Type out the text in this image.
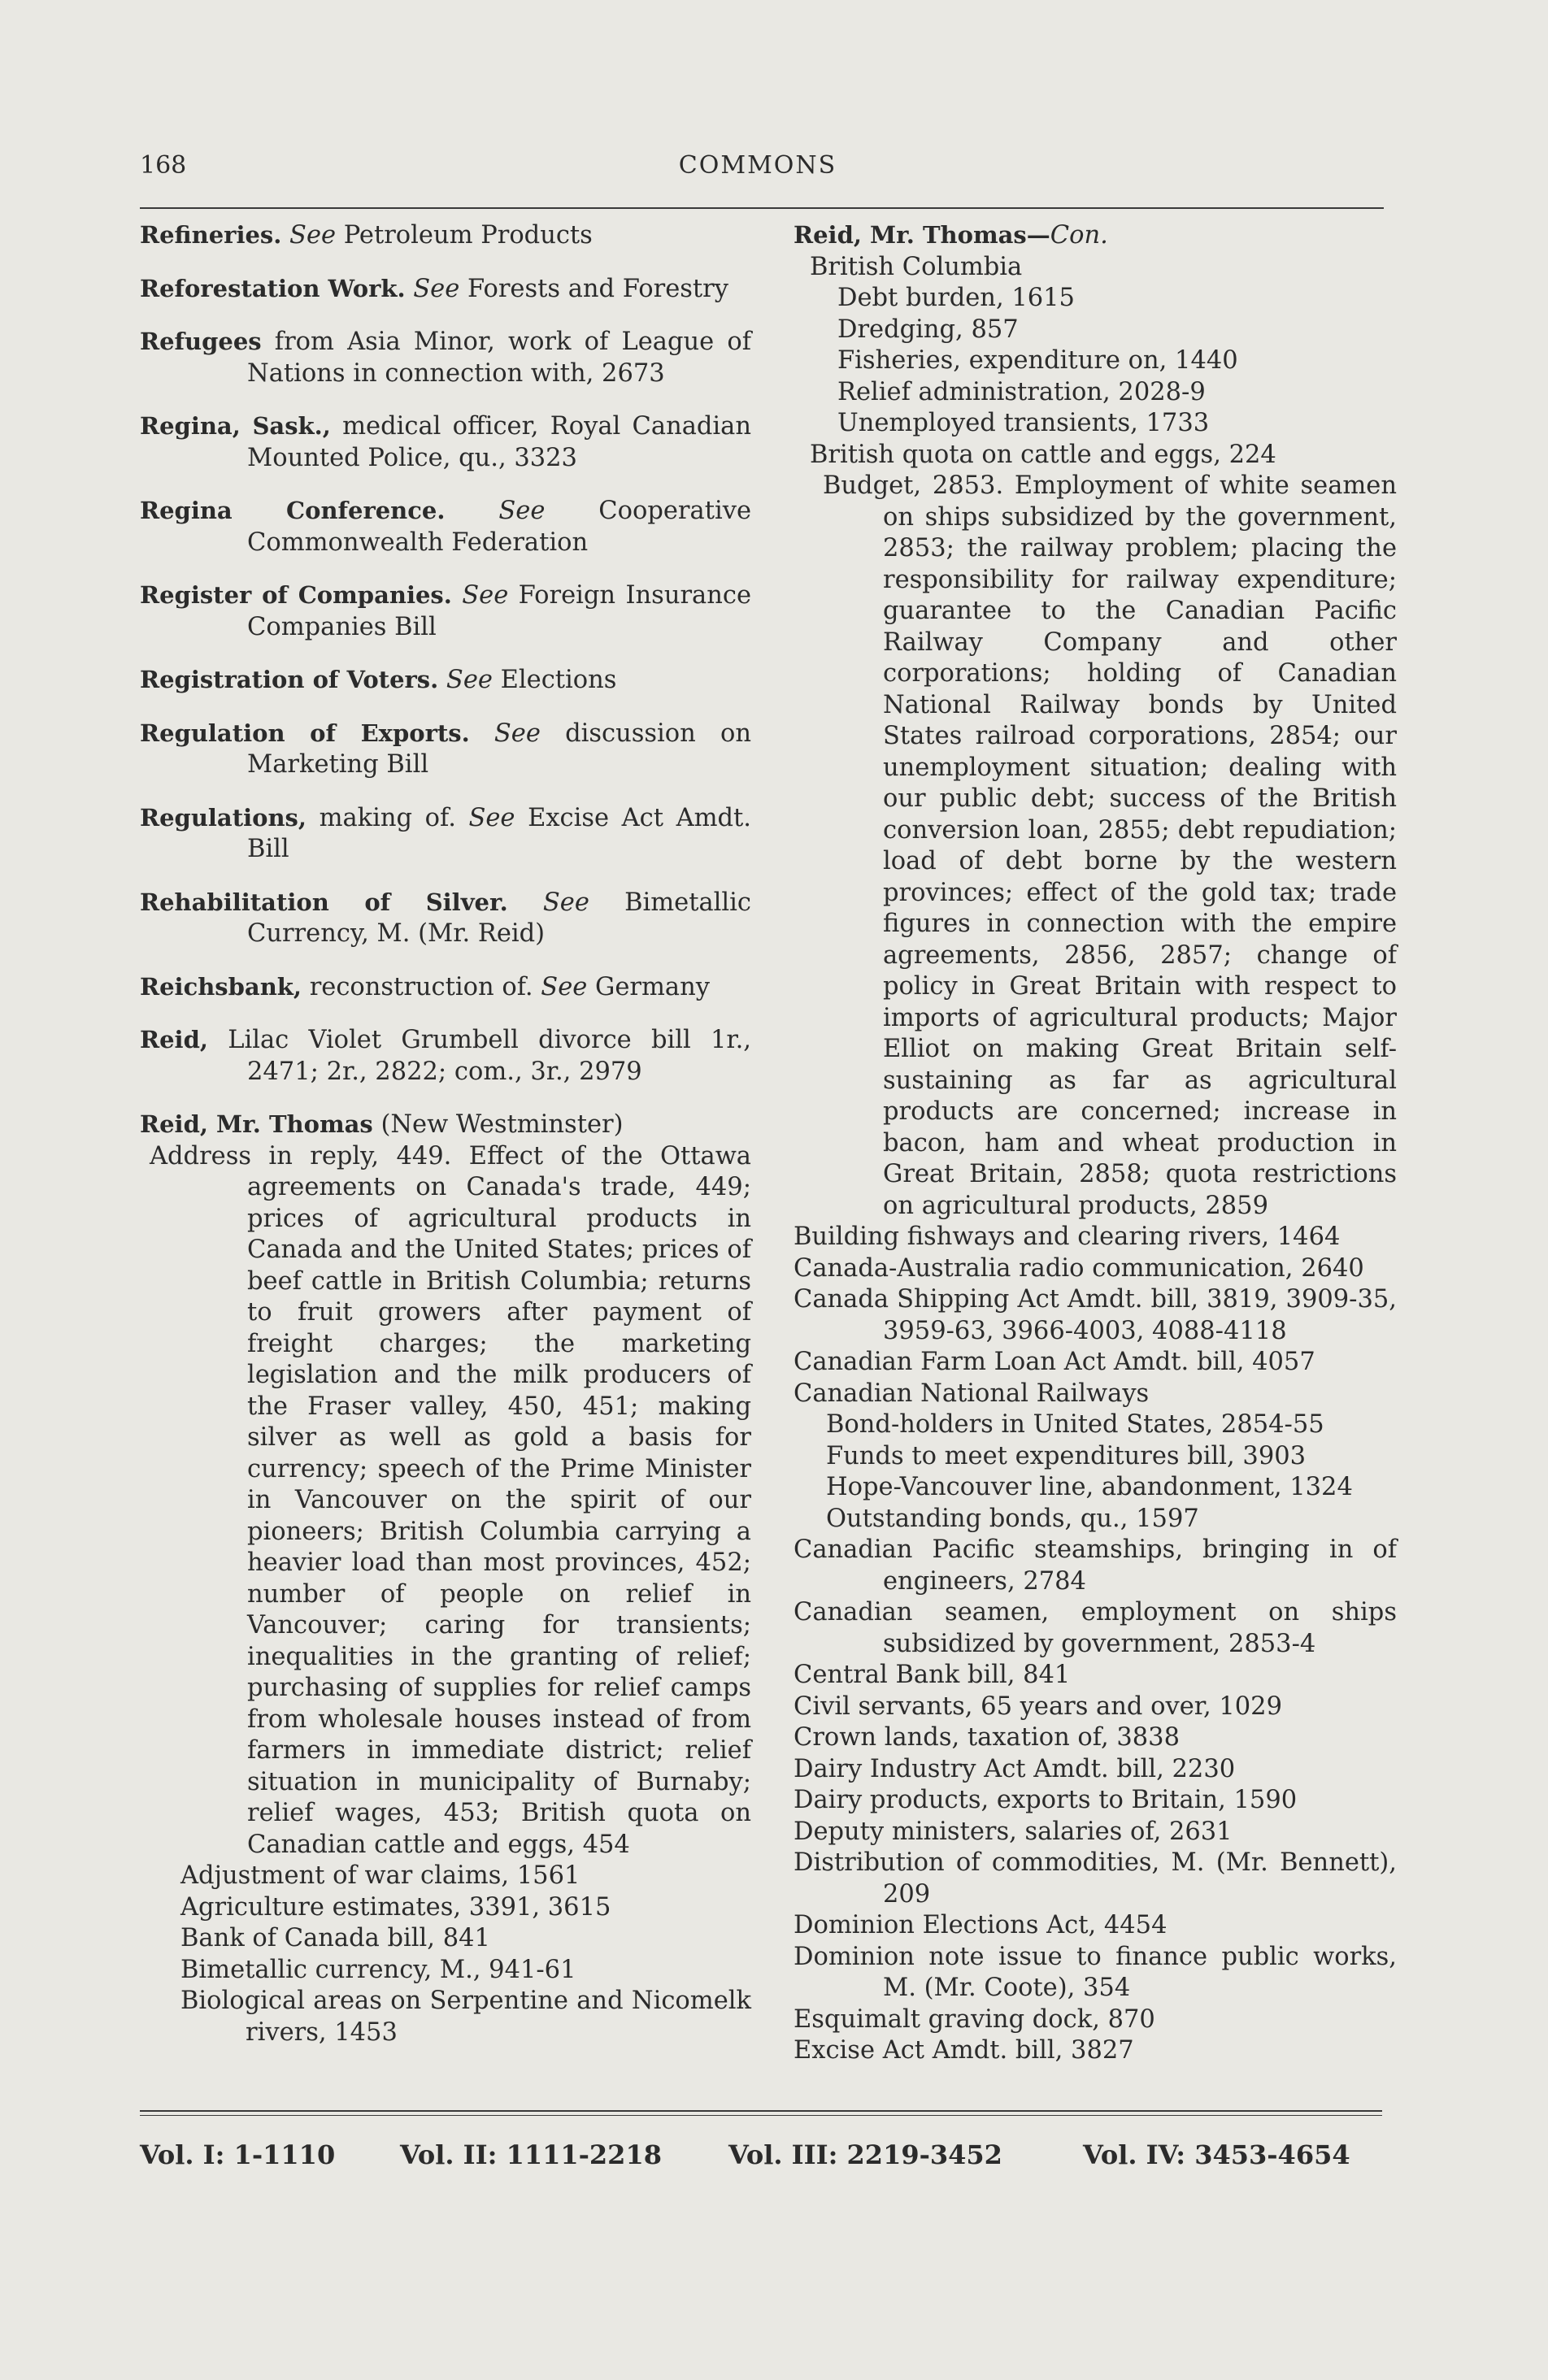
168	COMMONS
Refineries. See Petroleum Products
Reforestation Work. See Forests and Forestry
Refugees from Asia Minor, work of League of Nations in connection with, 2673
Regina, Sask., medical officer, Royal Canadian Mounted Police, qu., 3323
Regina Conference. See Cooperative Commonwealth Federation
Register of Companies. See Foreign Insurance Companies Bill
Registration of Voters. See Elections
Regulation of Exports. See discussion on Marketing Bill
Regulations, making of. See Excise Act Amdt. Bill
Rehabilitation of Silver. See Bimetallic Currency, M. (Mr. Reid)
Reichsbank, reconstruction of. See Germany
Reid, Lilac Violet Grumbell divorce bill 1r., 2471; 2r., 2822; com., 3r., 2979

Reid, Mr. Thomas (New Westminster)

Address in reply, 449. Effect of the Ottawa agreements on Canada's trade, 449; prices of agricultural products in Canada and the United States; prices of beef cattle in British Columbia; returns to fruit growers after payment of freight charges; the marketing legislation and the milk producers of the Fraser valley, 450, 451; making silver as well as gold a basis for currency; speech of the Prime Minister in Vancouver on the spirit of our pioneers; British Columbia carrying a heavier load than most provinces, 452; number of people on relief in Vancouver; caring for transients; inequalities in the granting of relief; purchasing of supplies for relief camps from wholesale houses instead of from farmers in immediate district; relief situation in municipality of Burnaby; relief wages, 453; British quota on Canadian cattle and eggs, 454

Adjustment of war claims, 1561

Agriculture estimates, 3391, 3615

Bank of Canada bill, 841

Bimetallic currency, M., 941-61

Biological areas on Serpentine and Nicomelk rivers, 1453

Reid, Mr. Thomas—Con.

British Columbia

Debt burden, 1615

Dredging, 857

Fisheries, expenditure on, 1440

Relief administration, 2028-9

Unemployed transients, 1733

British quota on cattle and eggs, 224

Budget, 2853. Employment of white seamen on ships subsidized by the government, 2853; the railway problem; placing the responsibility for railway expenditure; guarantee to the Canadian Pacific Railway Company and other corporations; holding of Canadian National Railway bonds by United States railroad corporations, 2854; our unemployment situation; dealing with our public debt; success of the British conversion loan, 2855; debt repudiation; load of debt borne by the western provinces; effect of the gold tax; trade figures in connection with the empire agreements, 2856, 2857; change of policy in Great Britain with respect to imports of agricultural products; Major Elliot on making Great Britain self-sustaining as far as agricultural products are concerned; increase in bacon, ham and wheat production in Great Britain, 2858; quota restrictions on agricultural products, 2859

Building fishways and clearing rivers, 1464

Canada-Australia radio communication, 2640

Canada Shipping Act Amdt. bill, 3819, 3909-35, 3959-63, 3966-4003, 4088-4118

Canadian Farm Loan Act Amdt. bill, 4057

Canadian National Railways

Bond-holders in United States, 2854-55

Funds to meet expenditures bill, 3903

Hope-Vancouver line, abandonment, 1324

Outstanding bonds, qu., 1597

Canadian Pacific steamships, bringing in of engineers, 2784

Canadian seamen, employment on ships subsidized by government, 2853-4

Central Bank bill, 841

Civil servants, 65 years and over, 1029

Crown lands, taxation of, 3838

Dairy Industry Act Amdt. bill, 2230

Dairy products, exports to Britain, 1590

Deputy ministers, salaries of, 2631

Distribution of commodities, M. (Mr. Bennett), 209

Dominion Elections Act, 4454

Dominion note issue to finance public works, M. (Mr. Coote), 354

Esquimalt graving dock, 870

Excise Act Amdt. bill, 3827

Vol. I: 1-1110 Vol. II: 1111-2218	Vol. III: 2219-3452	Vol. IV: 3453-4654
